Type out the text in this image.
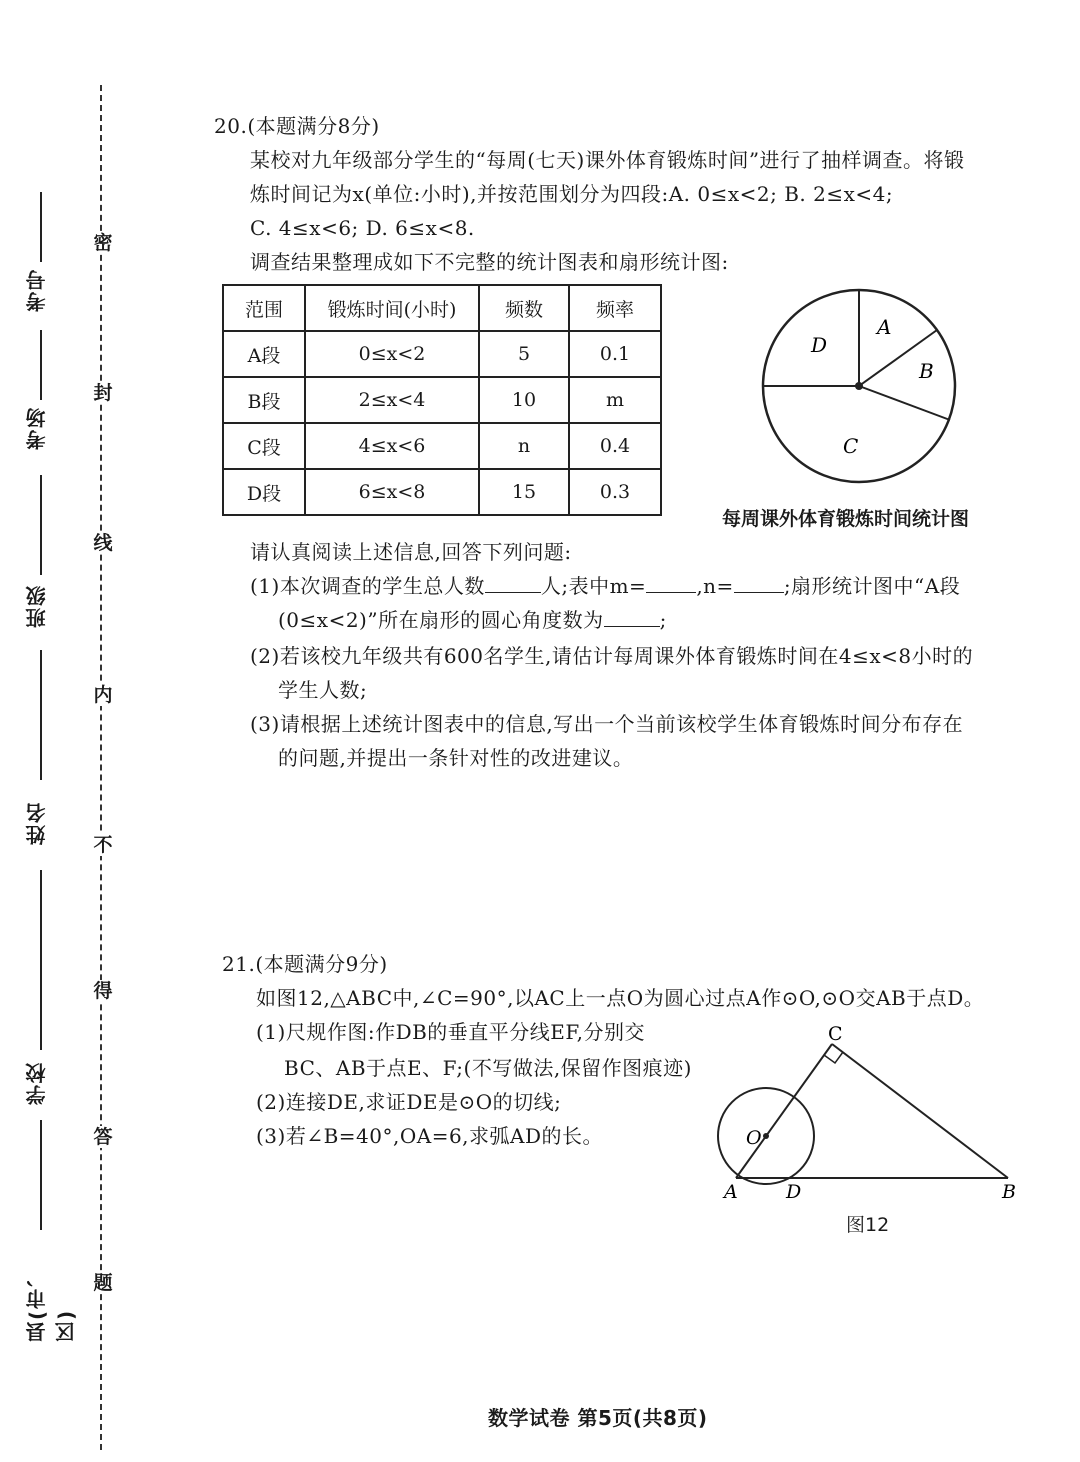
考号
考场
班级
姓名
学校
县(市、区)
密
封
线
内
不
得
答
题
20.(本题满分8分)
某校对九年级部分学生的“每周(七天)课外体育锻炼时间”进行了抽样调查。将锻
炼时间记为x(单位:小时),并按范围划分为四段:A. 0≤x<2; B. 2≤x<4;
C. 4≤x<6; D. 6≤x<8.
调查结果整理成如下不完整的统计图表和扇形统计图:
范围	锻炼时间(小时)	频数	频率
A段	0≤x<2	5	0.1
B段	2≤x<4	10	m
C段	4≤x<6	n	0.4
D段	6≤x<8	15	0.3
A
B
C
D
每周课外体育锻炼时间统计图
请认真阅读上述信息,回答下列问题:
(1)本次调查的学生总人数	人;表中m=	,n=	;扇形统计图中“A段
(0≤x<2)”所在扇形的圆心角度数为	;
(2)若该校九年级共有600名学生,请估计每周课外体育锻炼时间在4≤x<8小时的
学生人数;
(3)请根据上述统计图表中的信息,写出一个当前该校学生体育锻炼时间分布存在
的问题,并提出一条针对性的改进建议。
21.(本题满分9分)
如图12,△ABC中,∠C=90°,以AC上一点O为圆心过点A作⊙O,⊙O交AB于点D。
(1)尺规作图:作DB的垂直平分线EF,分别交
BC、AB于点E、F;(不写做法,保留作图痕迹)
(2)连接DE,求证DE是⊙O的切线;
(3)若∠B=40°,OA=6,求弧AD的长。
C
O
A	D	B
图12
数学试卷 第5页(共8页)
